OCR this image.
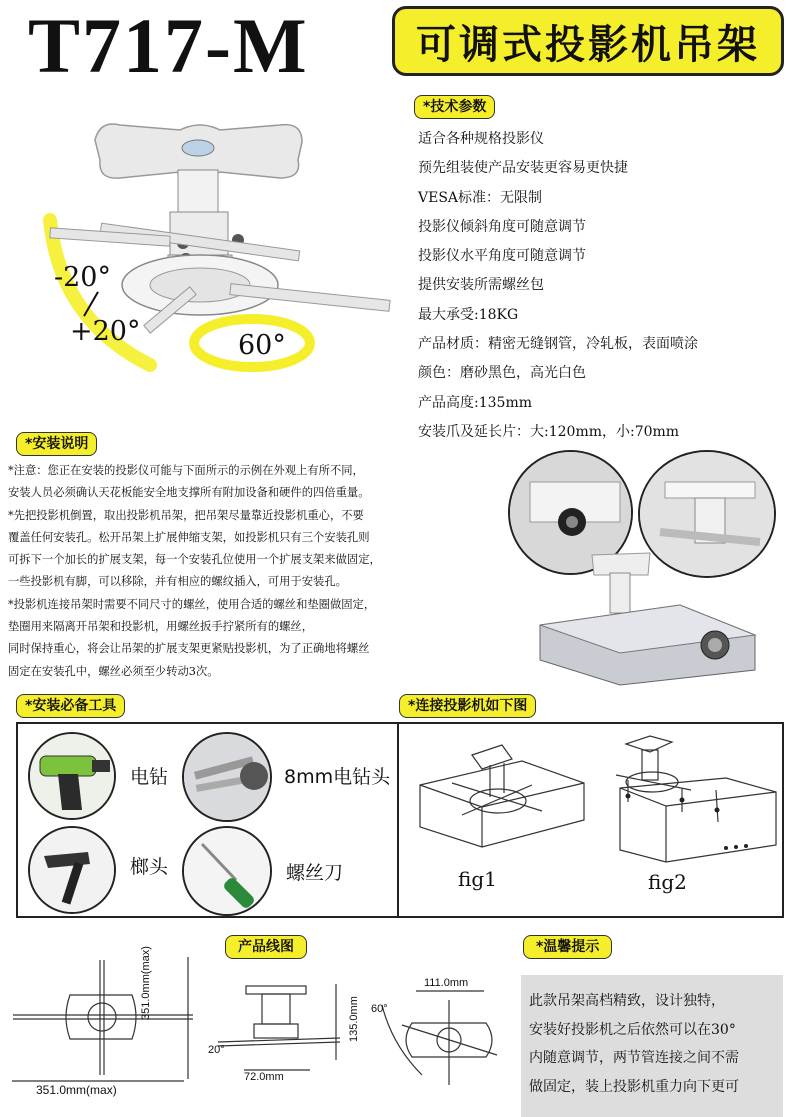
T717-M	可调式投影机吊架
-20°
+20°	60°
*技术参数
适合各种规格投影仪
预先组装使产品安装更容易更快捷
VESA标准：无限制
投影仪倾斜角度可随意调节
投影仪水平角度可随意调节
提供安装所需螺丝包
最大承受:18KG
产品材质：精密无缝钢管，冷轧板，表面喷涂
颜色：磨砂黑色，高光白色
产品高度:135mm
安装爪及延长片：大:120mm，小:70mm
*安装说明
*注意：您正在安装的投影仪可能与下面所示的示例在外观上有所不同，
安装人员必须确认天花板能安全地支撑所有附加设备和硬件的四倍重量。
*先把投影机倒置，取出投影机吊架，把吊架尽量靠近投影机重心，不要
覆盖任何安装孔。松开吊架上扩展伸缩支架，如投影机只有三个安装孔则
可拆下一个加长的扩展支架，每一个安装孔位使用一个扩展支架来做固定，
一些投影机有脚，可以移除，并有相应的螺纹插入，可用于安装孔。
*投影机连接吊架时需要不同尺寸的螺丝，使用合适的螺丝和垫圈做固定，
垫圈用来隔离开吊架和投影机，用螺丝扳手拧紧所有的螺丝，
同时保持重心，将会让吊架的扩展支架更紧贴投影机，为了正确地将螺丝
固定在安装孔中，螺丝必须至少转动3次。
*安装必备工具
电钻	8mm电钻头
榔头	螺丝刀
*连接投影机如下图
fig1	fig2
产品线图
351.0mm(max)
351.0mm(max)	135.0mm
72.0mm
20°
111.0mm
60°
*温馨提示
此款吊架高档精致，设计独特，
安装好投影机之后依然可以在30°
内随意调节，两节管连接之间不需
做固定，装上投影机重力向下更可
